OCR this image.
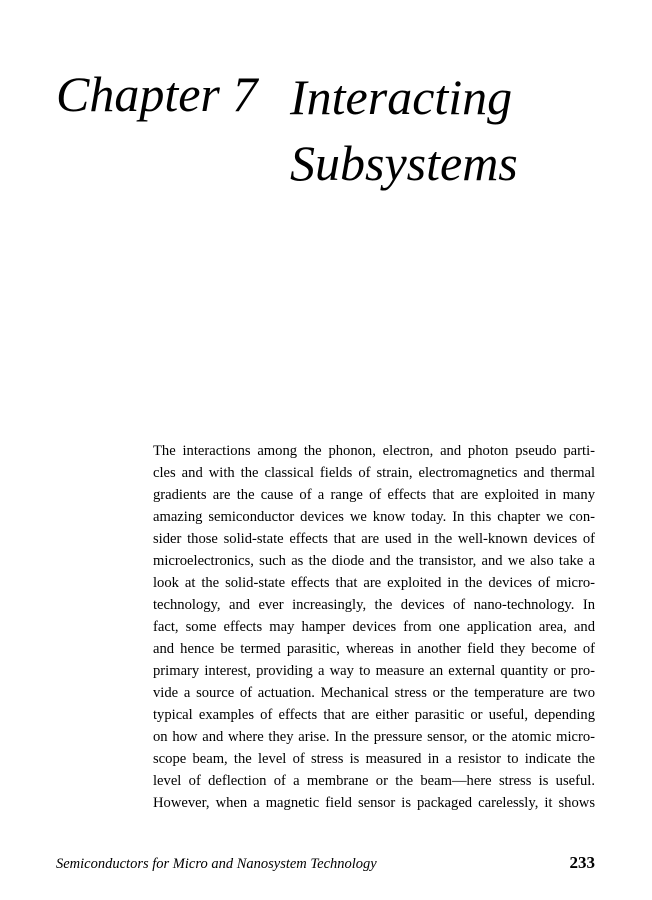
Chapter 7 Interacting
Subsystems
The interactions among the phonon, electron, and photon pseudo parti-
cles and with the classical fields of strain, electromagnetics and thermal
gradients are the cause of a range of effects that are exploited in many
amazing semiconductor devices we know today. In this chapter we con-
sider those solid-state effects that are used in the well-known devices of
microelectronics, such as the diode and the transistor, and we also take a
look at the solid-state effects that are exploited in the devices of micro-
technology, and ever increasingly, the devices of nano-technology. In
fact, some effects may hamper devices from one application area, and
and hence be termed parasitic, whereas in another field they become of
primary interest, providing a way to measure an external quantity or pro-
vide a source of actuation. Mechanical stress or the temperature are two
typical examples of effects that are either parasitic or useful, depending
on how and where they arise. In the pressure sensor, or the atomic micro-
scope beam, the level of stress is measured in a resistor to indicate the
level of deflection of a membrane or the beam—here stress is useful.
However, when a magnetic field sensor is packaged carelessly, it shows
Semiconductors for Micro and Nanosystem Technology	233
